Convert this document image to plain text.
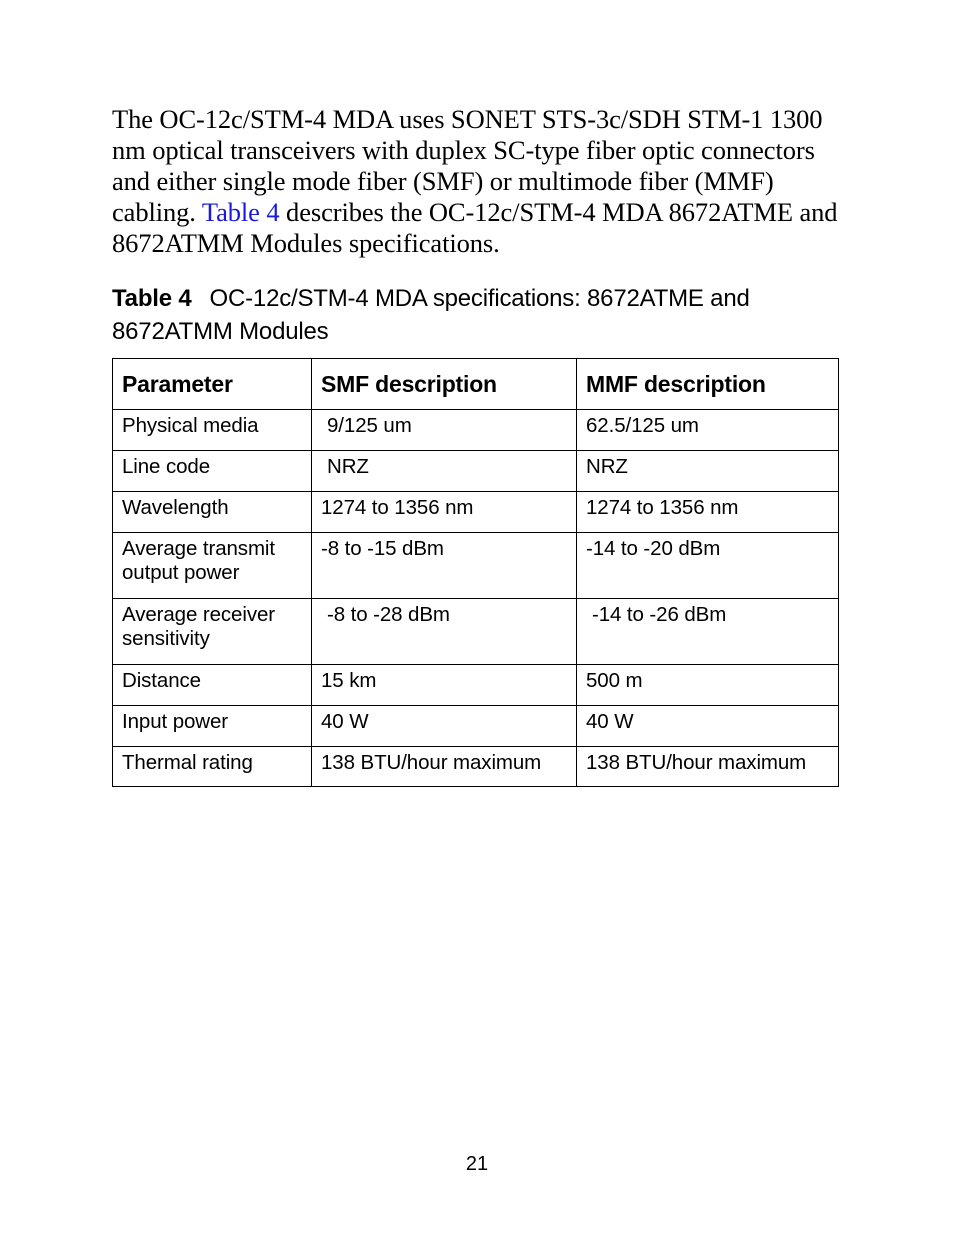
The OC-12c/STM-4 MDA uses SONET STS-3c/SDH STM-1 1300 nm optical transceivers with duplex SC-type fiber optic connectors and either single mode fiber (SMF) or multimode fiber (MMF) cabling. Table 4 describes the OC-12c/STM-4 MDA 8672ATME and 8672ATMM Modules specifications.

Table 4 OC-12c/STM-4 MDA specifications: 8672ATME and 8672ATMM Modules

Parameter	SMF description	MMF description
Physical media	9/125 um	62.5/125 um
Line code	NRZ	NRZ
Wavelength	1274 to 1356 nm	1274 to 1356 nm
Average transmit output power	-8 to -15 dBm	-14 to -20 dBm
Average receiver sensitivity	-8 to -28 dBm	-14 to -26 dBm
Distance	15 km	500 m
Input power	40 W	40 W
Thermal rating	138 BTU/hour maximum	138 BTU/hour maximum
21
